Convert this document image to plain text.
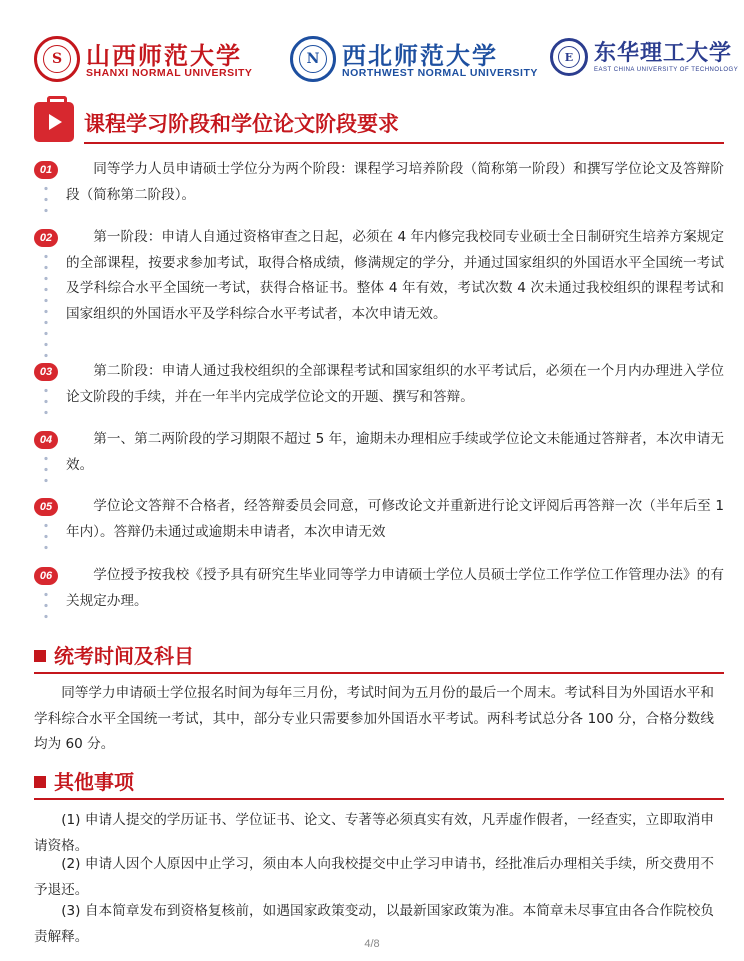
S 山西师范大学
SHANXI NORMAL UNIVERSITY
N 西北师范大学
NORTHWEST NORMAL UNIVERSITY
E 东华理工大学
EAST CHINA UNIVERSITY OF TECHNOLOGY
课程学习阶段和学位论文阶段要求
01	同等学力人员申请硕士学位分为两个阶段：课程学习培养阶段（简称第一阶段）和撰写学位论文及答辩阶段（简称第二阶段）。
02	第一阶段：申请人自通过资格审查之日起，必须在 4 年内修完我校同专业硕士全日制研究生培养方案规定的全部课程，按要求参加考试，取得合格成绩，修满规定的学分，并通过国家组织的外国语水平全国统一考试及学科综合水平全国统一考试，获得合格证书。整体 4 年有效，考试次数 4 次未通过我校组织的课程考试和国家组织的外国语水平及学科综合水平考试者，本次申请无效。
03	第二阶段：申请人通过我校组织的全部课程考试和国家组织的水平考试后，必须在一个月内办理进入学位论文阶段的手续，并在一年半内完成学位论文的开题、撰写和答辩。
04	第一、第二两阶段的学习期限不超过 5 年，逾期未办理相应手续或学位论文未能通过答辩者，本次申请无效。
05	学位论文答辩不合格者，经答辩委员会同意，可修改论文并重新进行论文评阅后再答辩一次（半年后至 1 年内）。答辩仍未通过或逾期未申请者，本次申请无效
06	学位授予按我校《授予具有研究生毕业同等学力申请硕士学位人员硕士学位工作学位工作管理办法》的有关规定办理。
统考时间及科目
同等学力申请硕士学位报名时间为每年三月份，考试时间为五月份的最后一个周末。考试科目为外国语水平和学科综合水平全国统一考试，其中，部分专业只需要参加外国语水平考试。两科考试总分各 100 分，合格分数线均为 60 分。
其他事项
(1) 申请人提交的学历证书、学位证书、论文、专著等必须真实有效，凡弄虚作假者，一经查实，立即取消申请资格。
(2) 申请人因个人原因中止学习，须由本人向我校提交中止学习申请书，经批准后办理相关手续，所交费用不予退还。
(3) 自本简章发布到资格复核前，如遇国家政策变动，以最新国家政策为准。本简章未尽事宜由各合作院校负责解释。	4/8
